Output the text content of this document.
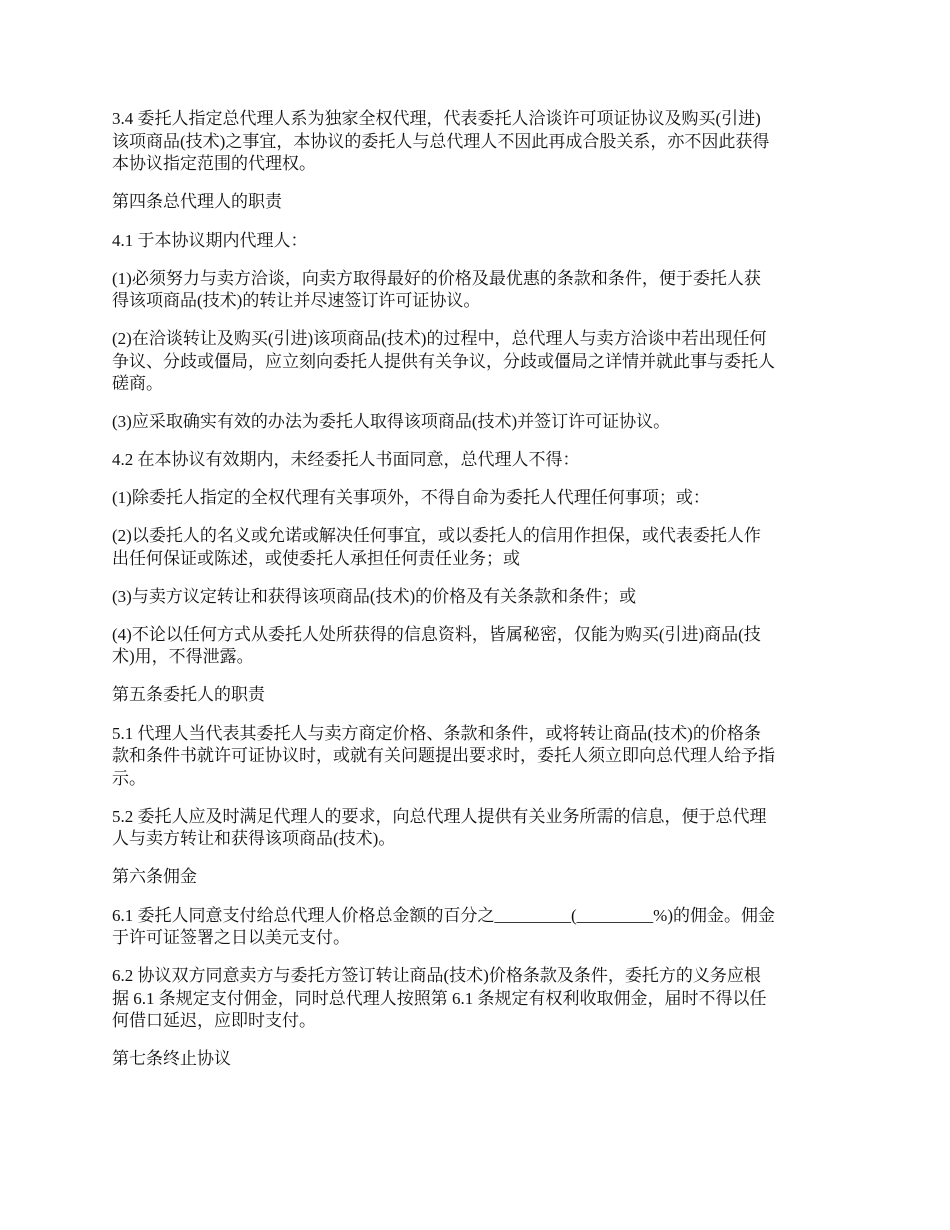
3.4 委托人指定总代理人系为独家全权代理，代表委托人洽谈许可项证协议及购买(引进)
该项商品(技术)之事宜，本协议的委托人与总代理人不因此再成合股关系，亦不因此获得
本协议指定范围的代理权。

第四条总代理人的职责

4.1 于本协议期内代理人：

(1)必须努力与卖方洽谈，向卖方取得最好的价格及最优惠的条款和条件，便于委托人获
得该项商品(技术)的转让并尽速签订许可证协议。

(2)在洽谈转让及购买(引进)该项商品(技术)的过程中，总代理人与卖方洽谈中若出现任何
争议、分歧或僵局，应立刻向委托人提供有关争议，分歧或僵局之详情并就此事与委托人
磋商。

(3)应采取确实有效的办法为委托人取得该项商品(技术)并签订许可证协议。

4.2 在本协议有效期内，未经委托人书面同意，总代理人不得：

(1)除委托人指定的全权代理有关事项外，不得自命为委托人代理任何事项；或：

(2)以委托人的名义或允诺或解决任何事宜，或以委托人的信用作担保，或代表委托人作
出任何保证或陈述，或使委托人承担任何责任业务；或

(3)与卖方议定转让和获得该项商品(技术)的价格及有关条款和条件；或

(4)不论以任何方式从委托人处所获得的信息资料，皆属秘密，仅能为购买(引进)商品(技
术)用，不得泄露。

第五条委托人的职责

5.1 代理人当代表其委托人与卖方商定价格、条款和条件，或将转让商品(技术)的价格条
款和条件书就许可证协议时，或就有关问题提出要求时，委托人须立即向总代理人给予指
示。

5.2 委托人应及时满足代理人的要求，向总代理人提供有关业务所需的信息，便于总代理
人与卖方转让和获得该项商品(技术)。

第六条佣金

6.1 委托人同意支付给总代理人价格总金额的百分之_________(_________%)的佣金。佣金
于许可证签署之日以美元支付。

6.2 协议双方同意卖方与委托方签订转让商品(技术)价格条款及条件，委托方的义务应根
据 6.1 条规定支付佣金，同时总代理人按照第 6.1 条规定有权利收取佣金，届时不得以任
何借口延迟，应即时支付。

第七条终止协议
